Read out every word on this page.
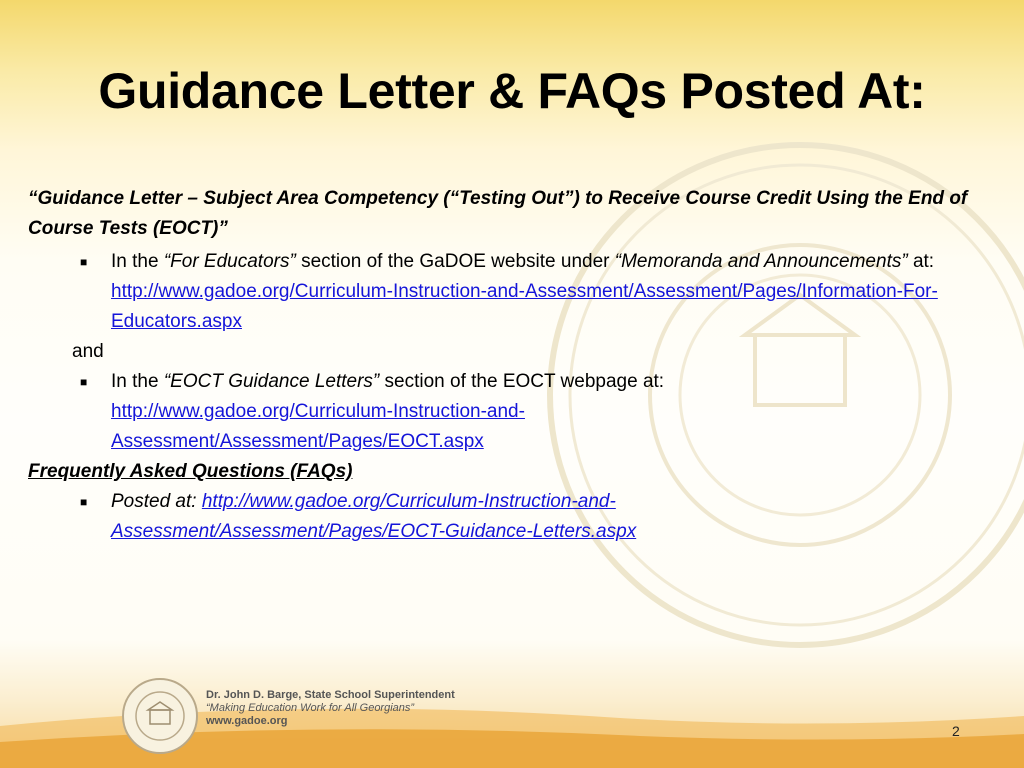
Guidance Letter & FAQs Posted At:

“Guidance Letter – Subject Area Competency (“Testing Out”) to Receive Course Credit Using the End of Course Tests (EOCT)”

■ In the “For Educators” section of the GaDOE website under “Memoranda and Announcements” at: http://www.gadoe.org/Curriculum-Instruction-and-Assessment/Assessment/Pages/Information-For-Educators.aspx

and

■ In the “EOCT Guidance Letters” section of the EOCT webpage at: http://www.gadoe.org/Curriculum-Instruction-and-Assessment/Assessment/Pages/EOCT.aspx

Frequently Asked Questions (FAQs)

■ Posted at: http://www.gadoe.org/Curriculum-Instruction-and-Assessment/Assessment/Pages/EOCT-Guidance-Letters.aspx

Dr. John D. Barge, State School Superintendent
“Making Education Work for All Georgians”
www.gadoe.org
2
